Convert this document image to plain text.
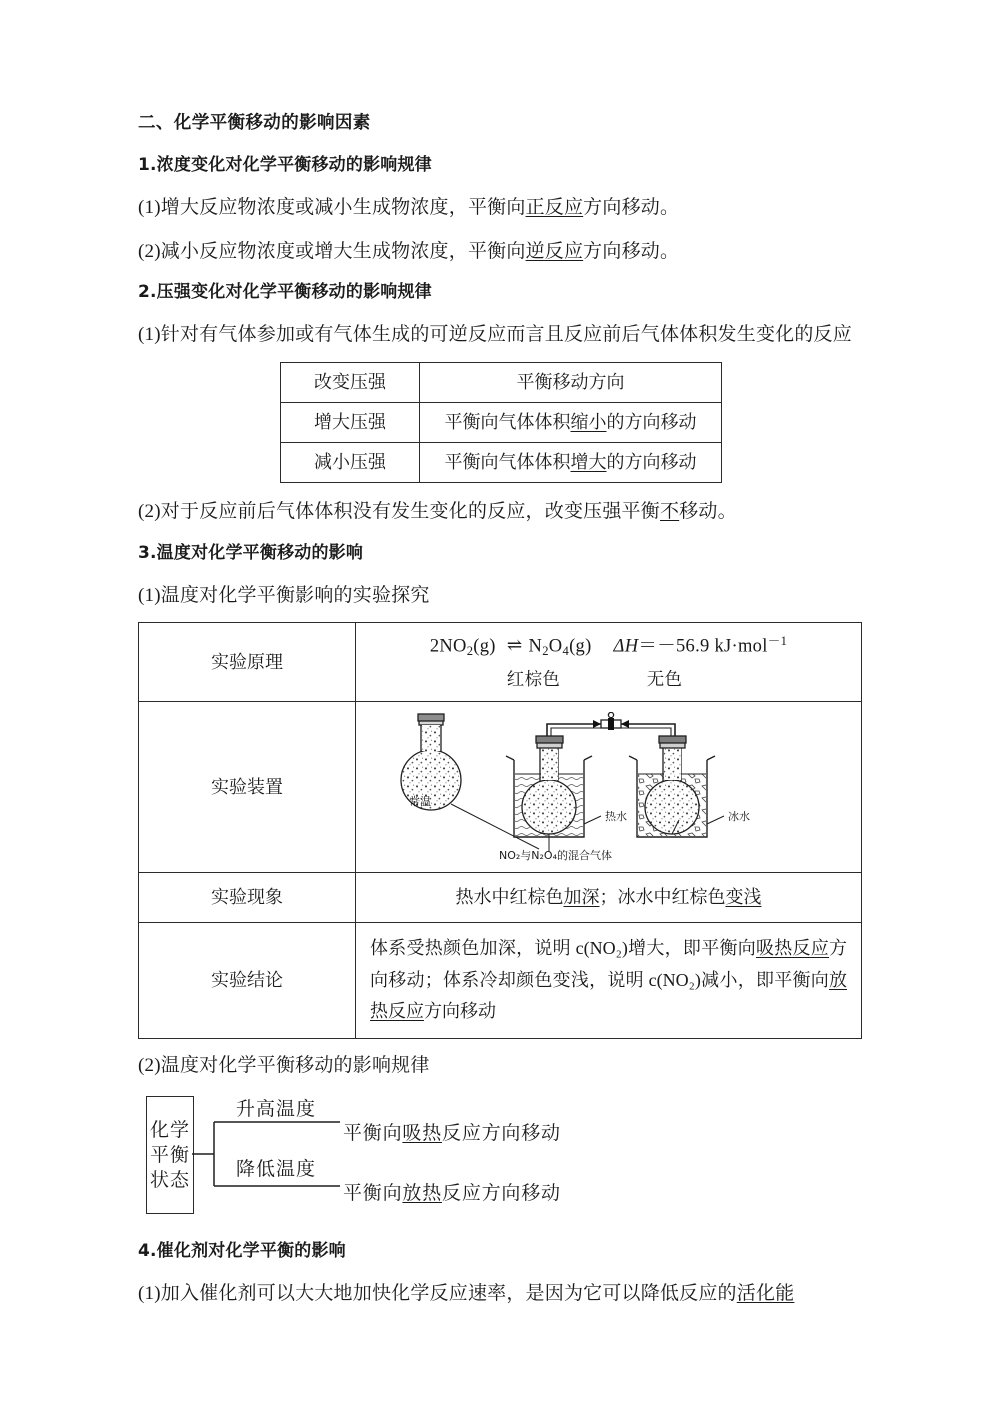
二、化学平衡移动的影响因素
1.浓度变化对化学平衡移动的影响规律
(1)增大反应物浓度或减小生成物浓度，平衡向正反应方向移动。
(2)减小反应物浓度或增大生成物浓度，平衡向逆反应方向移动。
2.压强变化对化学平衡移动的影响规律
(1)针对有气体参加或有气体生成的可逆反应而言且反应前后气体体积发生变化的反应
改变压强	平衡移动方向
增大压强	平衡向气体体积缩小的方向移动
减小压强	平衡向气体体积增大的方向移动
(2)对于反应前后气体体积没有发生变化的反应，改变压强平衡不移动。
3.温度对化学平衡移动的影响
(1)温度对化学平衡影响的实验探究
实验原理	$2NO_2(g)$ ⇌ $N_2O_4(g)$ ΔH＝－56.9 kJ·mol$^{-1}$
红棕色 无色

实验装置	常温
热水 冰水
NO₂与N₂O₄的混合气体

实验现象	热水中红棕色加深；冰水中红棕色变浅

实验结论	体系受热颜色加深，说明 c(NO₂)增大，即平衡向吸热反应方向移动；体系冷却颜色变浅，说明 c(NO₂)减小，即平衡向放热反应方向移动
(2)温度对化学平衡移动的影响规律
化学
平衡
状态
升高温度
降低温度
平衡向吸热反应方向移动
平衡向放热反应方向移动
4.催化剂对化学平衡的影响
(1)加入催化剂可以大大地加快化学反应速率，是因为它可以降低反应的活化能
